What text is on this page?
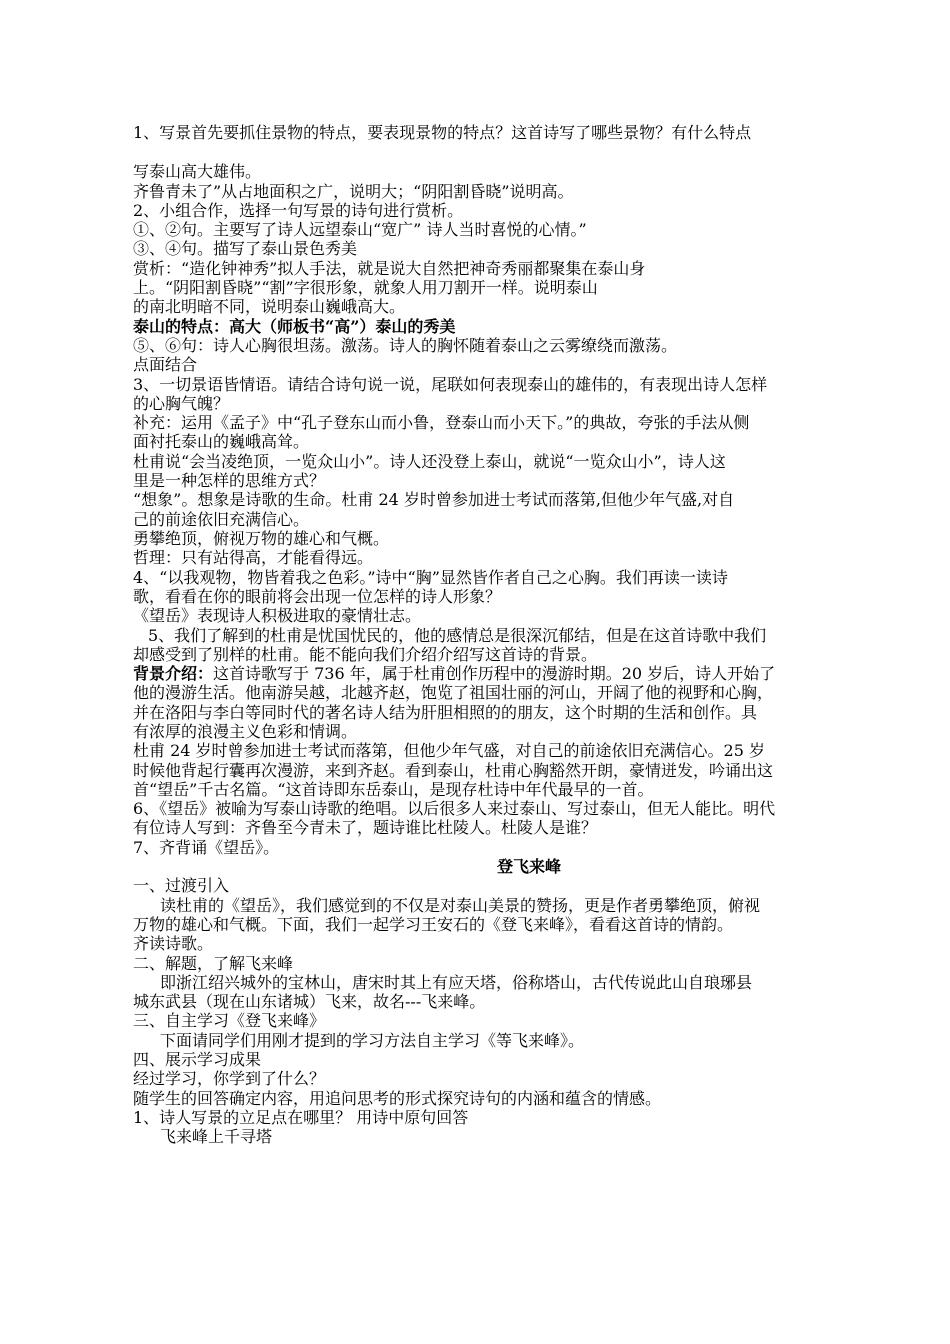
1、写景首先要抓住景物的特点，要表现景物的特点？这首诗写了哪些景物？有什么特点
写泰山高大雄伟。
齐鲁青未了”从占地面积之广，说明大；“阴阳割昏晓”说明高。
2、小组合作，选择一句写景的诗句进行赏析。
①、②句。主要写了诗人远望泰山“宽广” 诗人当时喜悦的心情。”
③、④句。描写了泰山景色秀美
赏析：“造化钟神秀”拟人手法，就是说大自然把神奇秀丽都聚集在泰山身
上。“阴阳割昏晓”“割”字很形象，就象人用刀割开一样。说明泰山
的南北明暗不同，说明泰山巍峨高大。
泰山的特点：高大（师板书“高”）泰山的秀美
⑤、⑥句：诗人心胸很坦荡。激荡。诗人的胸怀随着泰山之云雾缭绕而激荡。
点面结合
3、一切景语皆情语。请结合诗句说一说，尾联如何表现泰山的雄伟的，有表现出诗人怎样
的心胸气魄？
补充：运用《孟子》中“孔子登东山而小鲁，登泰山而小天下。”的典故，夸张的手法从侧
面衬托泰山的巍峨高耸。
杜甫说“会当凌绝顶，一览众山小”。诗人还没登上泰山，就说“一览众山小”，诗人这
里是一种怎样的思维方式？
“想象”。想象是诗歌的生命。杜甫 24 岁时曾参加进士考试而落第,但他少年气盛,对自
己的前途依旧充满信心。
勇攀绝顶，俯视万物的雄心和气概。
哲理：只有站得高，才能看得远。
4、“以我观物，物皆着我之色彩。”诗中“胸”显然皆作者自己之心胸。我们再读一读诗
歌，看看在你的眼前将会出现一位怎样的诗人形象？
《望岳》表现诗人积极进取的豪情壮志。
5、我们了解到的杜甫是忧国忧民的，他的感情总是很深沉郁结，但是在这首诗歌中我们
却感受到了别样的杜甫。能不能向我们介绍介绍写这首诗的背景。
背景介绍：这首诗歌写于 736 年，属于杜甫创作历程中的漫游时期。20 岁后，诗人开始了
他的漫游生活。他南游吴越，北越齐赵，饱览了祖国壮丽的河山，开阔了他的视野和心胸，
并在洛阳与李白等同时代的著名诗人结为肝胆相照的的朋友，这个时期的生活和创作。具
有浓厚的浪漫主义色彩和情调。
杜甫 24 岁时曾参加进士考试而落第，但他少年气盛，对自己的前途依旧充满信心。25 岁
时候他背起行囊再次漫游，来到齐赵。看到泰山，杜甫心胸豁然开朗，豪情迸发，吟诵出这
首“望岳”千古名篇。“这首诗即东岳泰山，是现存杜诗中年代最早的一首。
6、《望岳》被喻为写泰山诗歌的绝唱。以后很多人来过泰山、写过泰山，但无人能比。明代
有位诗人写到：齐鲁至今青未了，题诗谁比杜陵人。杜陵人是谁？
7、齐背诵《望岳》。
登飞来峰
一、过渡引入
读杜甫的《望岳》，我们感觉到的不仅是对泰山美景的赞扬，更是作者勇攀绝顶，俯视
万物的雄心和气概。下面，我们一起学习王安石的《登飞来峰》，看看这首诗的情韵。
齐读诗歌。
二、解题，了解飞来峰
即浙江绍兴城外的宝林山，唐宋时其上有应天塔，俗称塔山，古代传说此山自琅琊县
城东武县（现在山东诸城）飞来，故名---飞来峰。
三、自主学习《登飞来峰》
下面请同学们用刚才提到的学习方法自主学习《等飞来峰》。
四、展示学习成果
经过学习，你学到了什么？
随学生的回答确定内容，用追问思考的形式探究诗句的内涵和蕴含的情感。
1、诗人写景的立足点在哪里？ 用诗中原句回答
飞来峰上千寻塔
